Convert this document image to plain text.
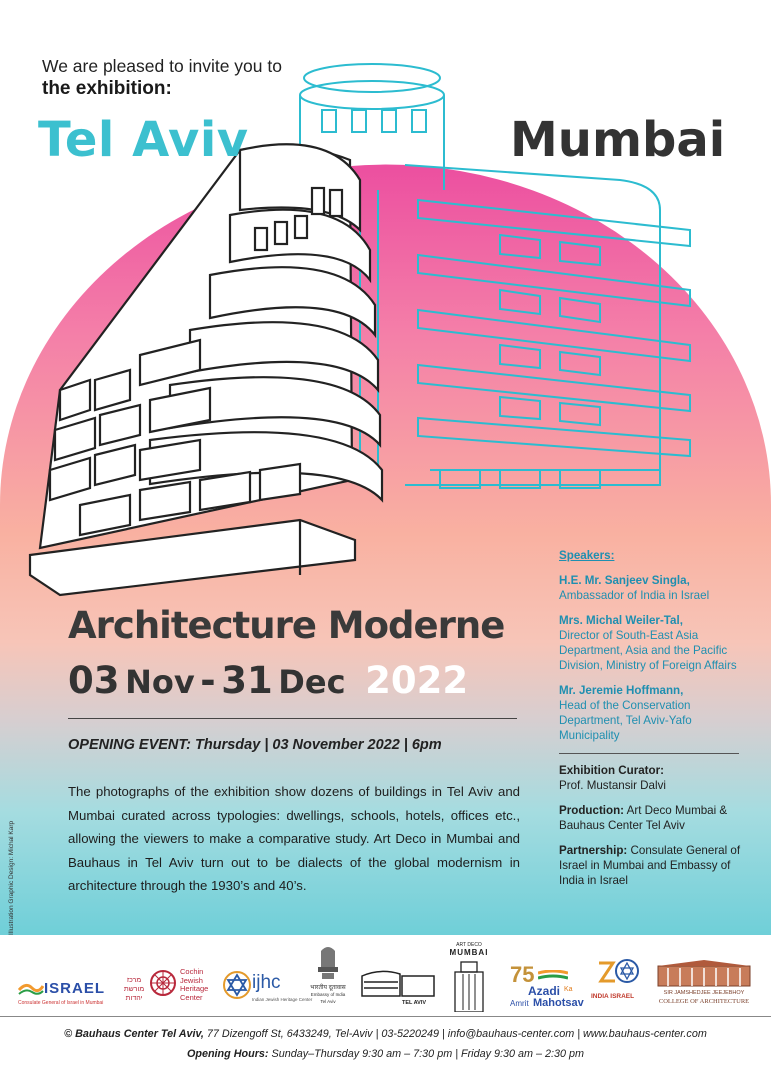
We are pleased to invite you to
the exhibition:
Tel Aviv	Mumbai
Architecture Moderne
03 Nov - 31 Dec 2022
OPENING EVENT: Thursday | 03 November 2022 | 6pm
The photographs of the exhibition show dozens of buildings in Tel Aviv and Mumbai curated across typologies: dwellings, schools, hotels, offices etc., allowing the viewers to make a comparative study. Art Deco in Mumbai and Bauhaus in Tel Aviv turn out to be dialects of the global modernism in architecture through the 1930’s and 40’s.
Speakers:
H.E. Mr. Sanjeev Singla,
Ambassador of India in Israel
Mrs. Michal Weiler-Tal,
Director of South-East Asia Department, Asia and the Pacific Division, Ministry of Foreign Affairs
Mr. Jeremie Hoffmann,
Head of the Conservation Department, Tel Aviv-Yafo Municipality
Exhibition Curator:
Prof. Mustansir Dalvi
Production: Art Deco Mumbai & Bauhaus Center Tel Aviv
Partnership: Consulate General of Israel in Mumbai and Embassy of India in Israel
Illustration Graphic Design: Michal Karp
ISRAEL
Consulate General of Israel in Mumbai
מרכז
מורשת
יהדות
Cochin
Jewish
Heritage
Center
ijhc
Indian Jewish Heritage Center
भारतीय दूतावास
Embassy of India
Tel Aviv	TEL AVIV
ART DECO
MUMBAI
75
Azadi Ka
Amrit Mahotsav
INDIA ISRAEL	SIR JAMSHEDJEE JEEJEBHOY
COLLEGE OF ARCHITECTURE
© Bauhaus Center Tel Aviv, 77 Dizengoff St, 6433249, Tel-Aviv | 03-5220249 | info@bauhaus-center.com | www.bauhaus-center.com
Opening Hours: Sunday–Thursday 9:30 am – 7:30 pm | Friday 9:30 am – 2:30 pm
